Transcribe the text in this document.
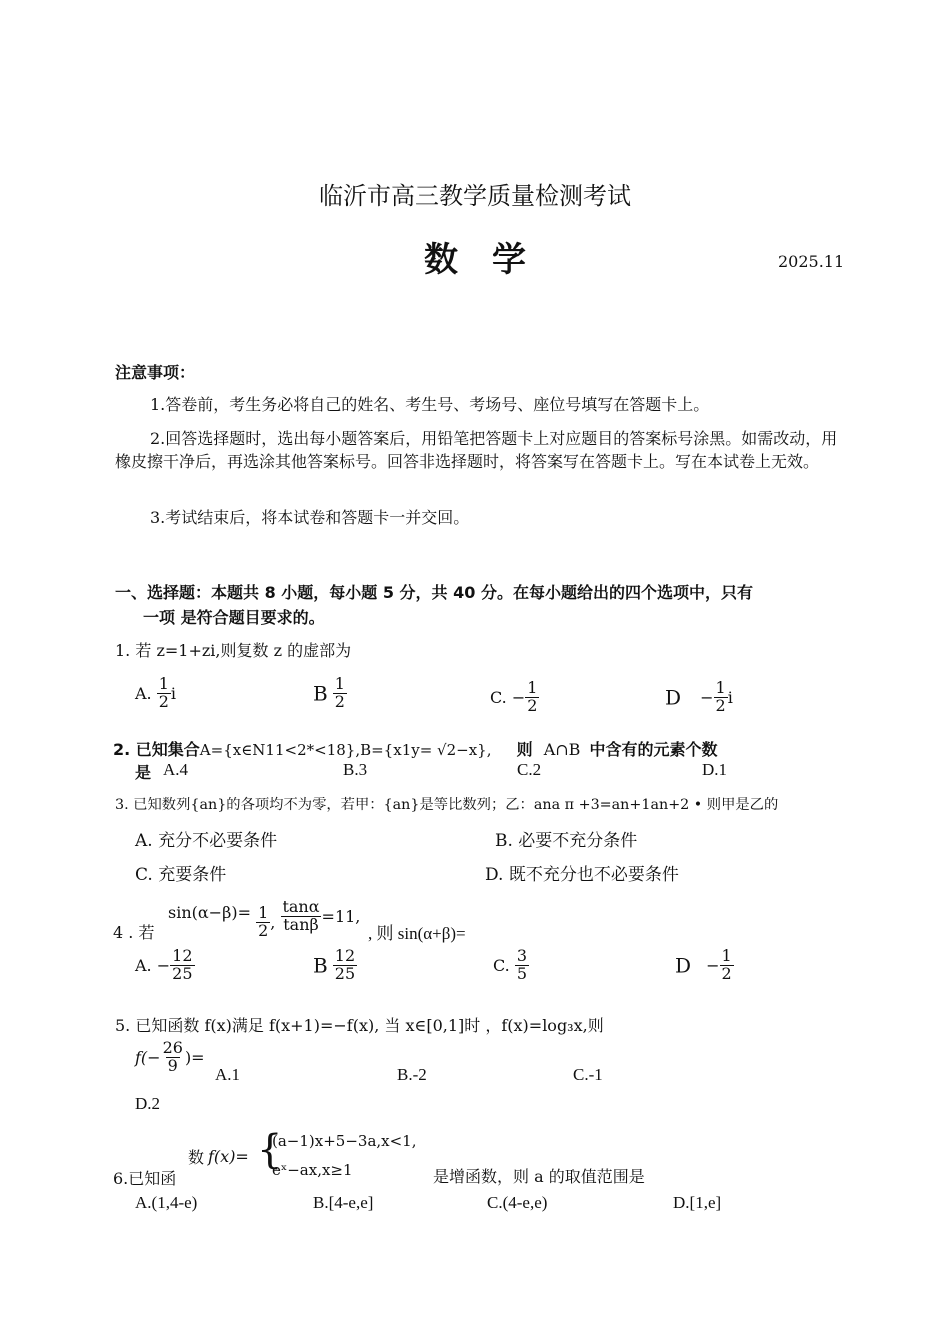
临沂市高三教学质量检测考试
数　学	2025.11
注意事项：
1.答卷前，考生务必将自己的姓名、考生号、考场号、座位号填写在答题卡上。

2.回答选择题时，选出每小题答案后，用铅笔把答题卡上对应题目的答案标号涂黑。如需改动，用橡皮擦干净后，再选涂其他答案标号。回答非选择题时，将答案写在答题卡上。写在本试卷上无效。

3.考试结束后，将本试卷和答题卡一并交回。
一、选择题：本题共 8 小题，每小题 5 分，共 40 分。在每小题给出的四个选项中，只有
一项 是符合题目要求的。
1. 若 z=1+zi,则复数 z 的虚部为
A. $\frac{1}{2}$ i	B $\frac{1}{2}$	C. − $\frac{1}{2}$	$D - \frac{1}{2}$ i
2. 已知集合A={x∈N11<2*<18},B={x1y= √2−x}, 则 A∩B 中含有的元素个数
是 A.4	B.3	C.2	D.1
3. 已知数列{an}的各项均不为零，若甲：{an}是等比数列；乙：ana π +3=an+1an+2 • 则甲是乙的
A. 充分不必要条件	B. 必要不充分条件
C. 充要条件	D. 既不充分也不必要条件
4 . 若
$\sin(\alpha-\beta)= \frac{1}{2}$ , $\frac{\tan\alpha}{\tan\beta} =11$,
, 则 sin(α+β)=
A. − $\frac{12}{25}$	B $\frac{12}{25}$	C. $\frac{3}{5}$	$D - \frac{1}{2}$
5. 已知函数 f(x)满足 f(x+1)=−f(x), 当 x∈[0,1]时 ，f(x)=log₃x,则
$f(- \frac{26}{9}$ )=
A.1	B.-2	C.-1
D.2
6.已知函
数 f(x)= {
(a−1)x+5−3a,x<1,
eˣ−ax,x≥1	是增函数，则 a 的取值范围是
A.(1,4-e)	B.[4-e,e]	C.(4-e,e)	D.[1,e]
